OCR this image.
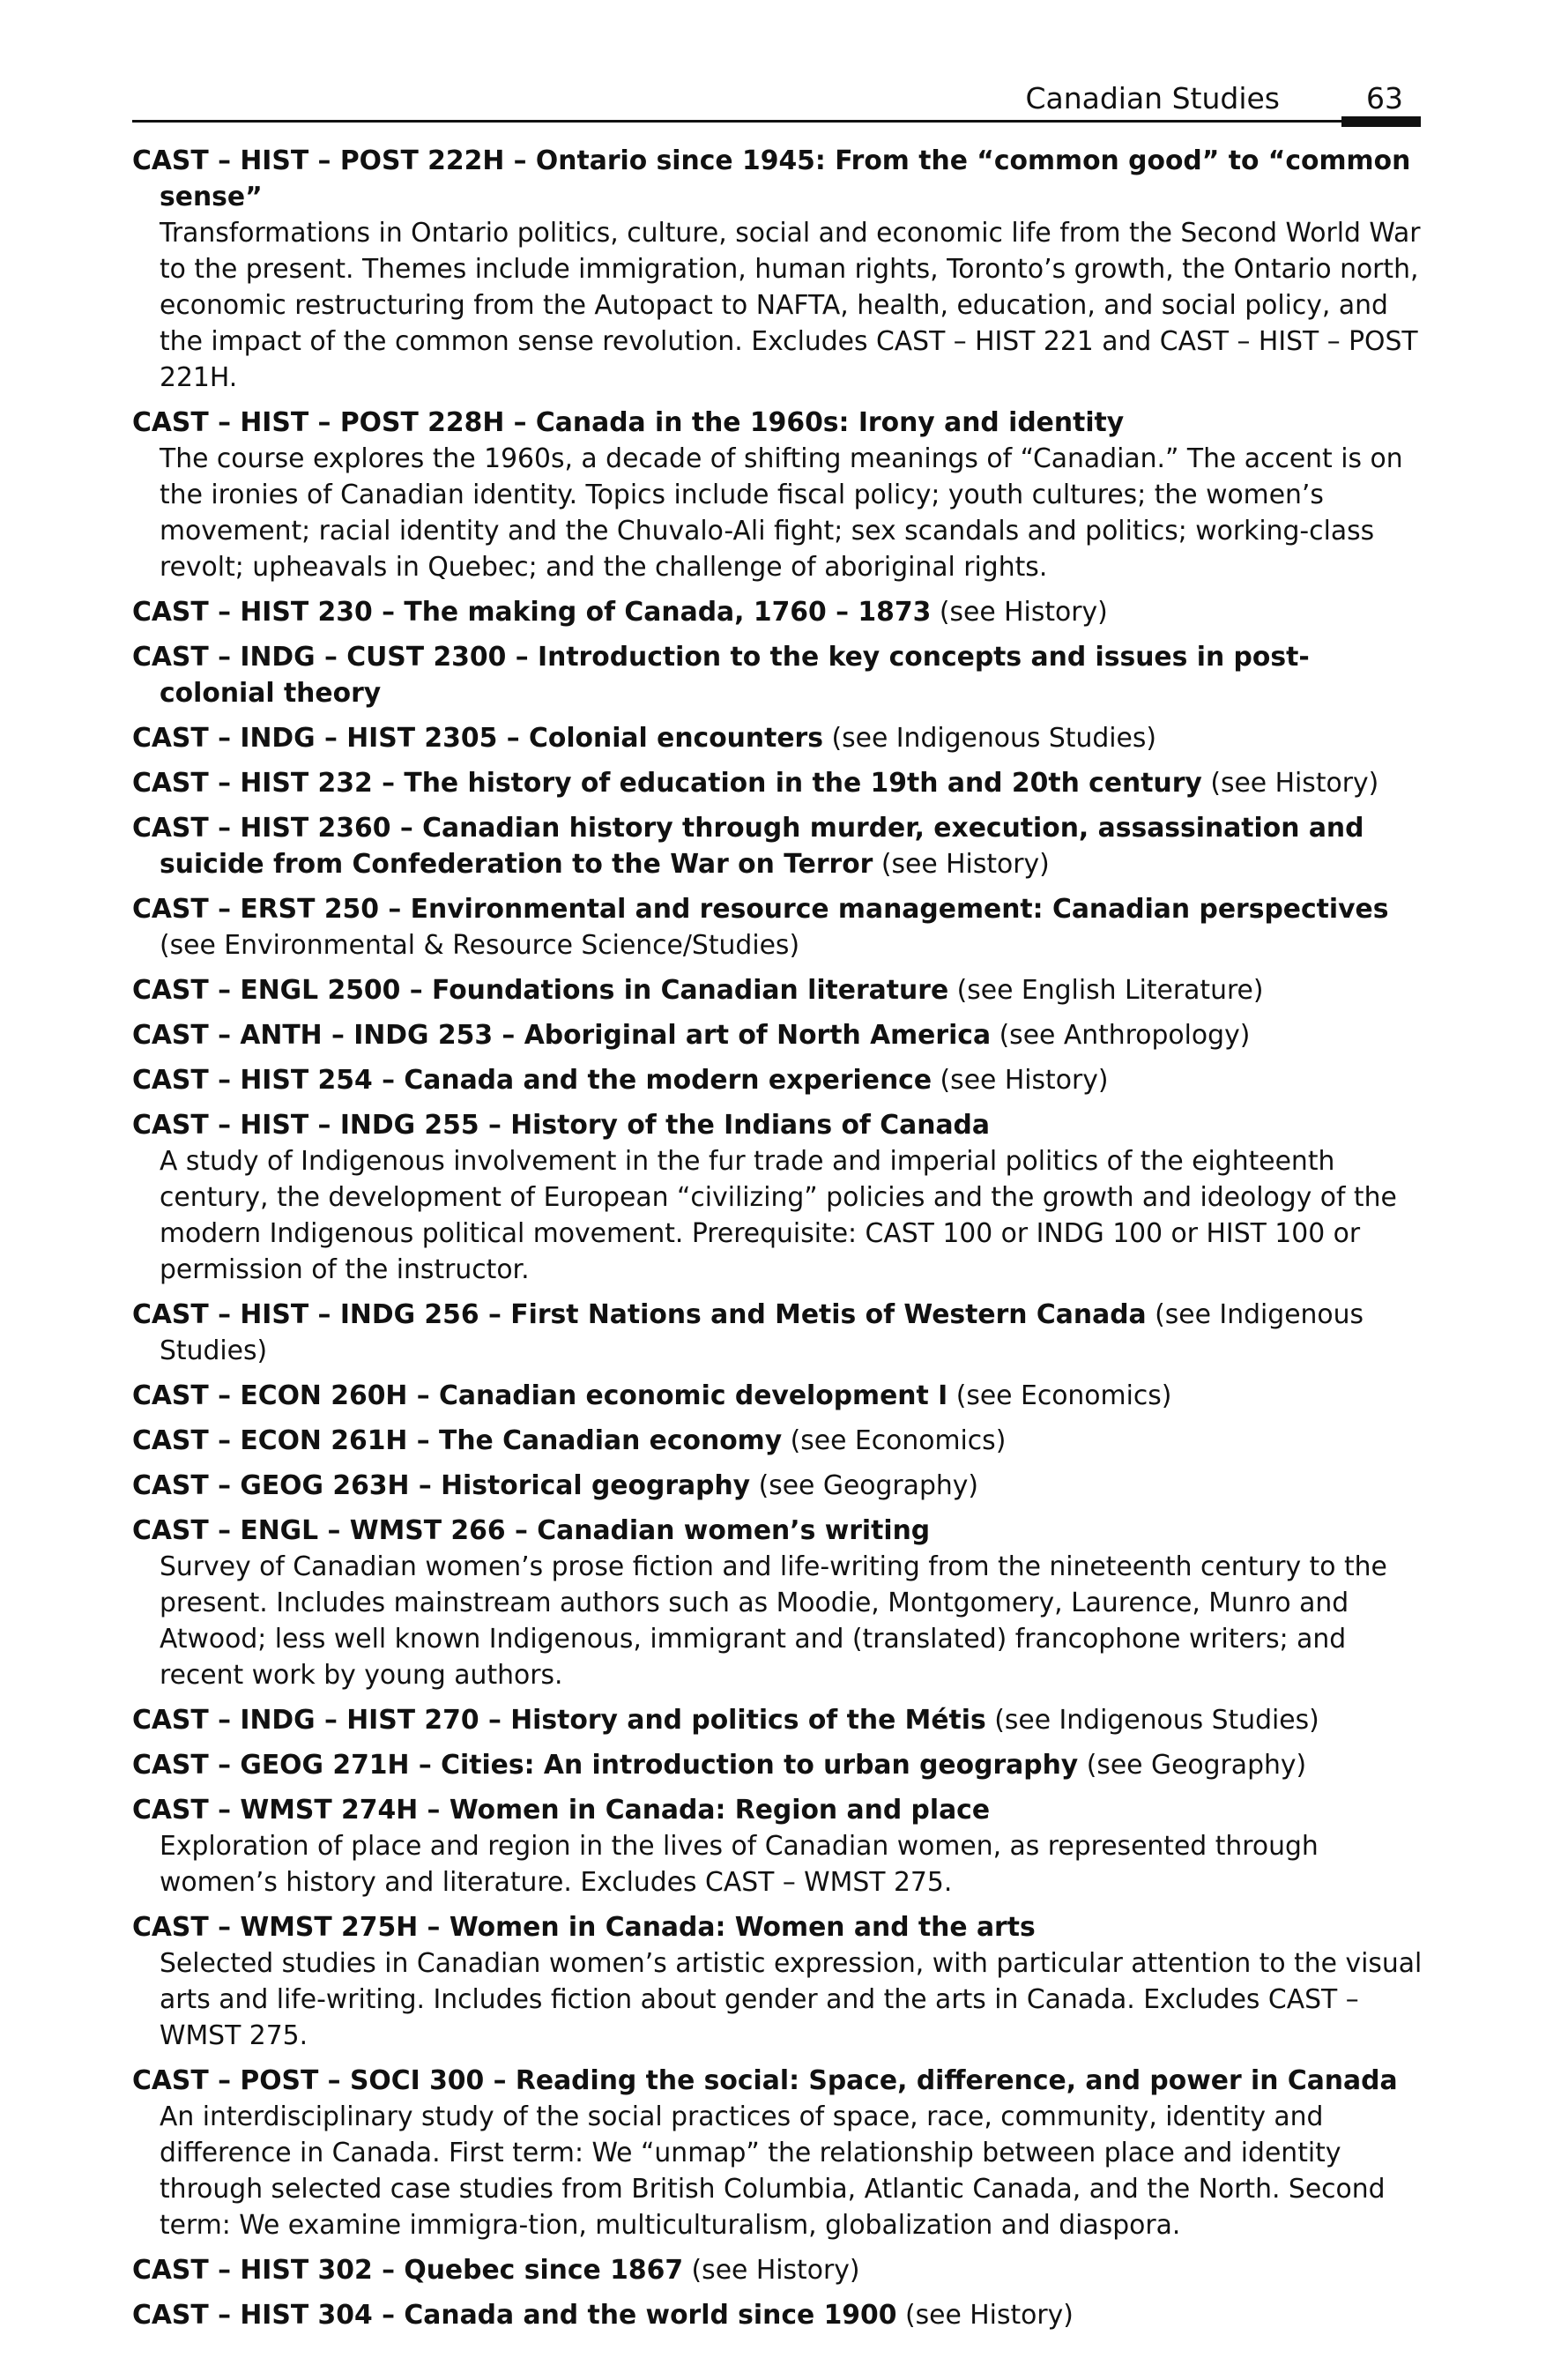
Canadian Studies	63
CAST – HIST – POST 222H – Ontario since 1945: From the “common good” to “common sense”
Transformations in Ontario politics, culture, social and economic life from the Second World War to the present. Themes include immigration, human rights, Toronto’s growth, the Ontario north, economic restructuring from the Autopact to NAFTA, health, education, and social policy, and the impact of the common sense revolution. Excludes CAST – HIST 221 and CAST – HIST – POST 221H.
CAST – HIST – POST 228H – Canada in the 1960s: Irony and identity
The course explores the 1960s, a decade of shifting meanings of “Canadian.” The accent is on the ironies of Canadian identity. Topics include fiscal policy; youth cultures; the women’s movement; racial identity and the Chuvalo-Ali fight; sex scandals and politics; working-class revolt; upheavals in Quebec; and the challenge of aboriginal rights.
CAST – HIST 230 – The making of Canada, 1760 – 1873 (see History)
CAST – INDG – CUST 2300 – Introduction to the key concepts and issues in post-colonial theory
CAST – INDG – HIST 2305 – Colonial encounters (see Indigenous Studies)
CAST – HIST 232 – The history of education in the 19th and 20th century (see History)
CAST – HIST 2360 – Canadian history through murder, execution, assassination and suicide from Confederation to the War on Terror (see History)
CAST – ERST 250 – Environmental and resource management: Canadian perspectives (see Environmental & Resource Science/Studies)
CAST – ENGL 2500 – Foundations in Canadian literature (see English Literature)
CAST – ANTH – INDG 253 – Aboriginal art of North America (see Anthropology)
CAST – HIST 254 – Canada and the modern experience (see History)
CAST – HIST – INDG 255 – History of the Indians of Canada
A study of Indigenous involvement in the fur trade and imperial politics of the eighteenth century, the development of European “civilizing” policies and the growth and ideology of the modern Indigenous political movement. Prerequisite: CAST 100 or INDG 100 or HIST 100 or permission of the instructor.
CAST – HIST – INDG 256 – First Nations and Metis of Western Canada (see Indigenous Studies)
CAST – ECON 260H – Canadian economic development I (see Economics)
CAST – ECON 261H – The Canadian economy (see Economics)
CAST – GEOG 263H – Historical geography (see Geography)
CAST – ENGL – WMST 266 – Canadian women’s writing
Survey of Canadian women’s prose fiction and life-writing from the nineteenth century to the present. Includes mainstream authors such as Moodie, Montgomery, Laurence, Munro and Atwood; less well known Indigenous, immigrant and (translated) francophone writers; and recent work by young authors.
CAST – INDG – HIST 270 – History and politics of the Métis (see Indigenous Studies)
CAST – GEOG 271H – Cities: An introduction to urban geography (see Geography)
CAST – WMST 274H – Women in Canada: Region and place
Exploration of place and region in the lives of Canadian women, as represented through women’s history and literature. Excludes CAST – WMST 275.
CAST – WMST 275H – Women in Canada: Women and the arts
Selected studies in Canadian women’s artistic expression, with particular attention to the visual arts and life-writing. Includes fiction about gender and the arts in Canada. Excludes CAST – WMST 275.
CAST – POST – SOCI 300 – Reading the social: Space, difference, and power in Canada
An interdisciplinary study of the social practices of space, race, community, identity and difference in Canada. First term: We “unmap” the relationship between place and identity through selected case studies from British Columbia, Atlantic Canada, and the North. Second term: We examine immigra-tion, multiculturalism, globalization and diaspora.
CAST – HIST 302 – Quebec since 1867 (see History)
CAST – HIST 304 – Canada and the world since 1900 (see History)
